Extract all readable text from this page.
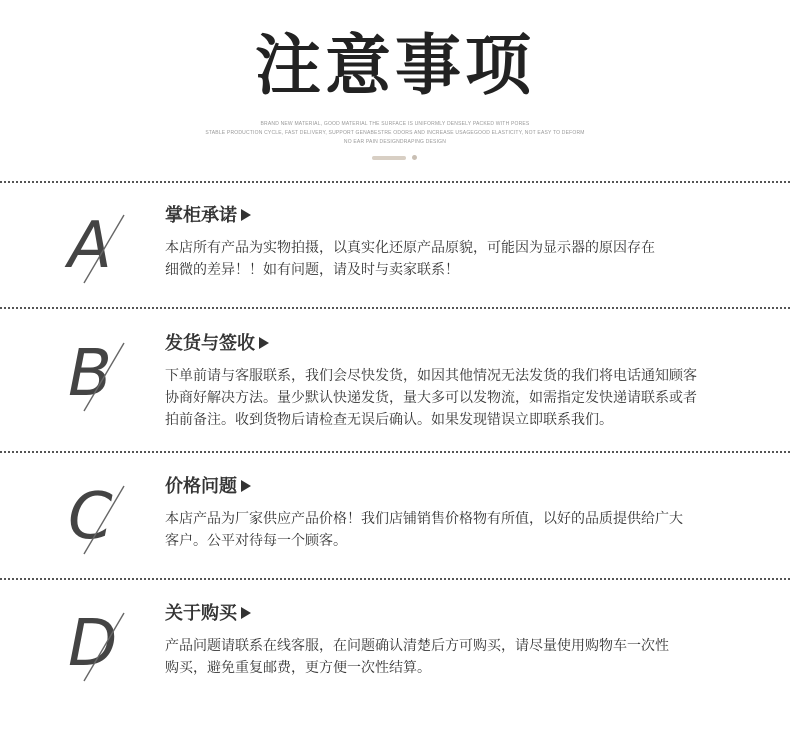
注意事项
BRAND NEW MATERIAL, GOOD MATERIAL THE SURFACE IS UNIFORMLY DENSELY PACKED WITH PORES
STABLE PRODUCTION CYCLE, FAST DELIVERY, SUPPORT GENABESTRE ODORS AND INCREASE USAGEGOOD ELASTICITY, NOT EASY TO DEFORM
NO EAR PAIN DESIGNDRAPING DESIGN
A	掌柜承诺

本店所有产品为实物拍摄，以真实化还原产品原貌，可能因为显示器的原因存在

细微的差异！！如有问题，请及时与卖家联系！

B	发货与签收

下单前请与客服联系，我们会尽快发货，如因其他情况无法发货的我们将电话通知顾客

协商好解决方法。量少默认快递发货，量大多可以发物流，如需指定发快递请联系或者

拍前备注。收到货物后请检查无误后确认。如果发现错误立即联系我们。

C	价格问题

本店产品为厂家供应产品价格！我们店铺销售价格物有所值，以好的品质提供给广大

客户。公平对待每一个顾客。

D	关于购买

产品问题请联系在线客服，在问题确认清楚后方可购买，请尽量使用购物车一次性

购买，避免重复邮费，更方便一次性结算。
